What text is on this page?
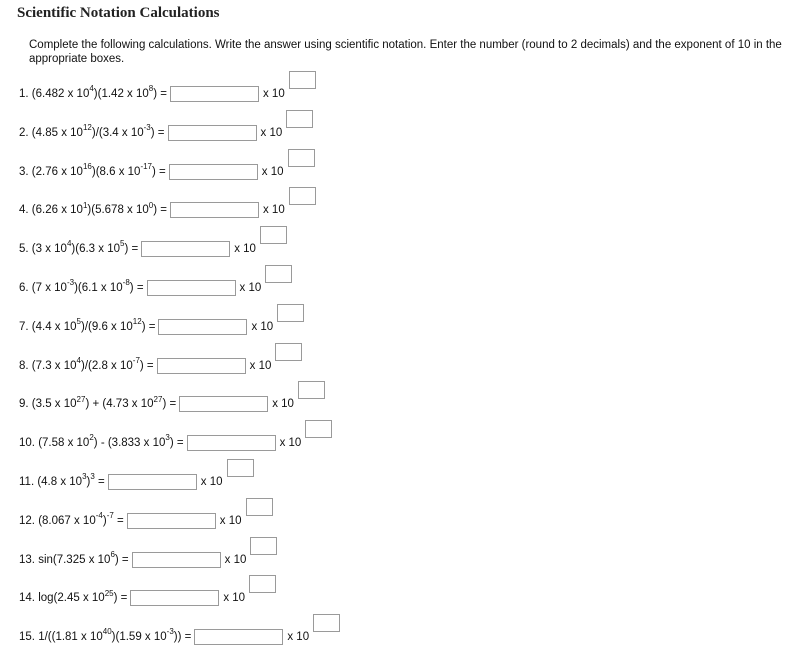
Scientific Notation Calculations
Complete the following calculations. Write the answer using scientific notation. Enter the number (round to 2 decimals) and the exponent of 10 in the appropriate boxes.
1. (6.482 x $10^4)(1.42$ x $10^8$) =	x 10
2. (4.85 x $10^{12})/(3.4$ x $10^{-3}$) =	x 10
3. (2.76 x $10^{16})(8.6$ x $10^{-17}$) =	x 10
4. (6.26 x $10^1)(5.678$ x $10^0$) =	x 10
5. (3 x $10^4)(6.3$ x $10^5$) =	x 10
6. (7 x $10^{-3})(6.1$ x $10^{-8}$) =	x 10
7. (4.4 x $10^5)/(9.6$ x $10^{12}$) =	x 10
8. (7.3 x $10^4)/(2.8$ x $10^{-7}$) =	x 10
9. (3.5 x $10^{27}) + (4.73$ x $10^{27}$) =	x 10
10. (7.58 x $10^2) - (3.833$ x $10^3$) =	x 10
11. (4.8 x $10^3)^3$ =	x 10
12. (8.067 x $10^{-4})^{-7}$ =	x 10
13. sin(7.325 x $10^6$) =	x 10
14. log(2.45 x $10^{25}$) =	x 10
15. 1/((1.81 x $10^{40})(1.59$ x $10^{-3}$)) =	x 10
